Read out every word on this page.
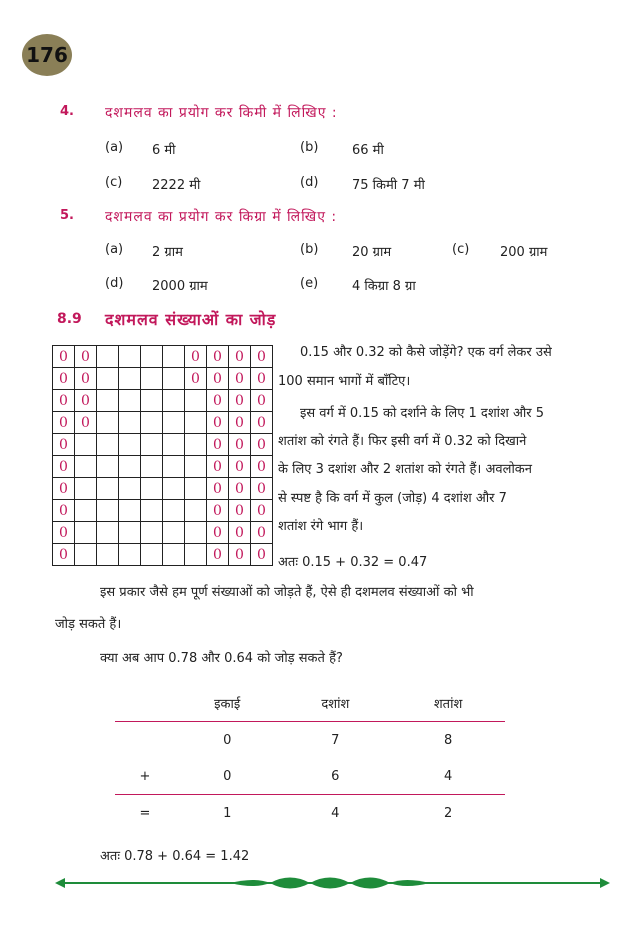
176
4. दशमलव का प्रयोग कर किमी में लिखिए :
(a) 6 मी	(b)	66 मी
(c) 2222 मी	(d)	75 किमी 7 मी
5. दशमलव का प्रयोग कर किग्रा में लिखिए :
(a) 2 ग्राम	(b)	20 ग्राम	(c) 200 ग्राम
(d) 2000 ग्राम	(e)	4 किग्रा 8 ग्रा
8.9 दशमलव संख्याओं का जोड़
0	0					0	0	0	0
0	0					0	0	0	0
0	0						0	0	0
0	0						0	0	0
0							0	0	0
0							0	0	0
0							0	0	0
0							0	0	0
0							0	0	0
0							0	0	0
0.15 और 0.32 को कैसे जोड़ेंगे? एक वर्ग लेकर उसे
100 समान भागों में बाँटिए।
इस वर्ग में 0.15 को दर्शाने के लिए 1 दशांश और 5
शतांश को रंगते हैं। फिर इसी वर्ग में 0.32 को दिखाने
के लिए 3 दशांश और 2 शतांश को रंगते हैं। अवलोकन
से स्पष्ट है कि वर्ग में कुल (जोड़) 4 दशांश और 7
शतांश रंगे भाग हैं।
अतः 0.15 + 0.32 = 0.47
इस प्रकार जैसे हम पूर्ण संख्याओं को जोड़ते हैं, ऐसे ही दशमलव संख्याओं को भी
जोड़ सकते हैं।
क्या अब आप 0.78 और 0.64 को जोड़ सकते हैं?
	इकाई	दशांश	शतांश
	0	7	8
+	0	6	4
=	1	4	2
अतः 0.78 + 0.64 = 1.42
